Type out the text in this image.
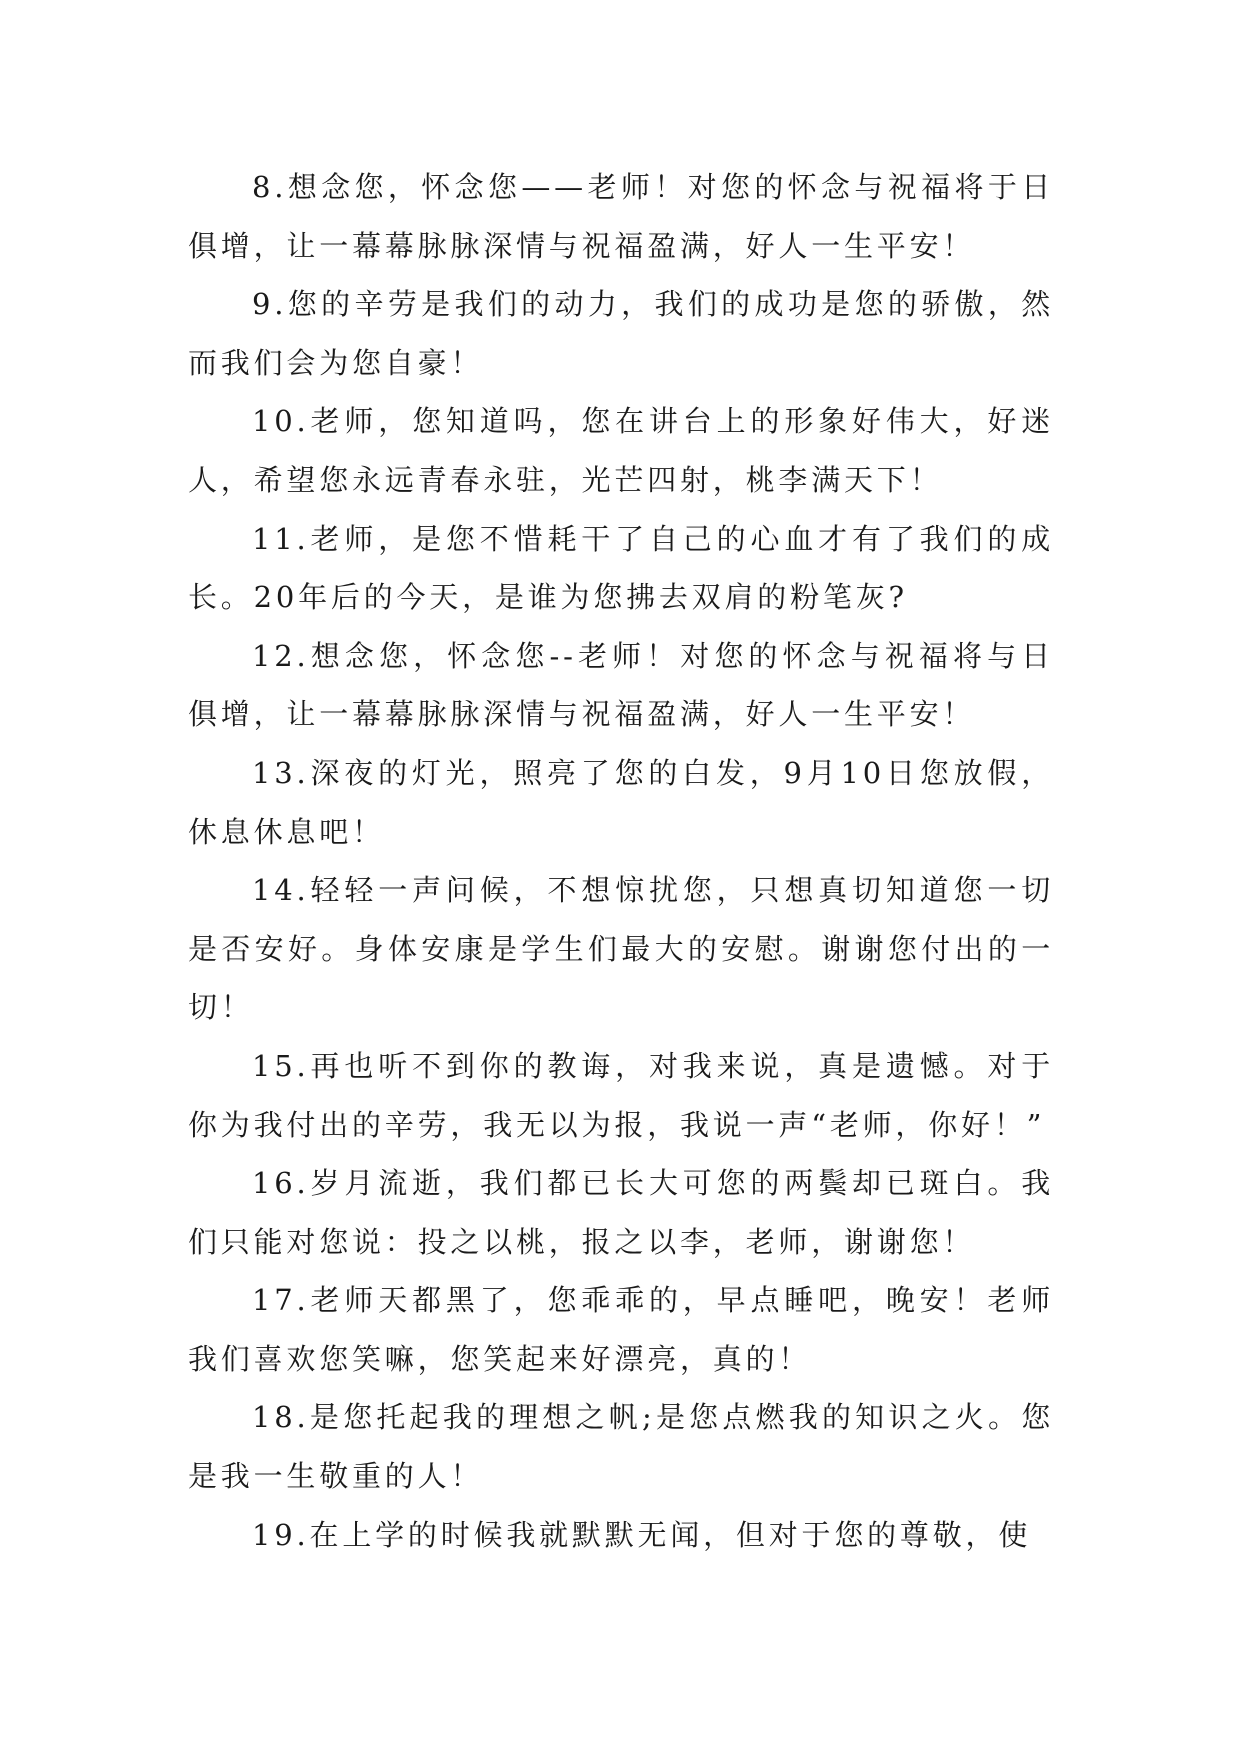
8.想念您，怀念您——老师！对您的怀念与祝福将于日俱增，让一幕幕脉脉深情与祝福盈满，好人一生平安！

9.您的辛劳是我们的动力，我们的成功是您的骄傲，然而我们会为您自豪！

10.老师，您知道吗，您在讲台上的形象好伟大，好迷人，希望您永远青春永驻，光芒四射，桃李满天下！

11.老师，是您不惜耗干了自己的心血才有了我们的成长。20年后的今天，是谁为您拂去双肩的粉笔灰?

12.想念您，怀念您--老师！对您的怀念与祝福将与日俱增，让一幕幕脉脉深情与祝福盈满，好人一生平安！

13.深夜的灯光，照亮了您的白发，9月10日您放假，休息休息吧！

14.轻轻一声问候，不想惊扰您，只想真切知道您一切是否安好。身体安康是学生们最大的安慰。谢谢您付出的一切！

15.再也听不到你的教诲，对我来说，真是遗憾。对于你为我付出的辛劳，我无以为报，我说一声“老师，你好！”

16.岁月流逝，我们都已长大可您的两鬓却已斑白。我们只能对您说：投之以桃，报之以李，老师，谢谢您！

17.老师天都黑了，您乖乖的，早点睡吧，晚安！老师我们喜欢您笑嘛，您笑起来好漂亮，真的！

18.是您托起我的理想之帆;是您点燃我的知识之火。您是我一生敬重的人！

19.在上学的时候我就默默无闻，但对于您的尊敬，使
